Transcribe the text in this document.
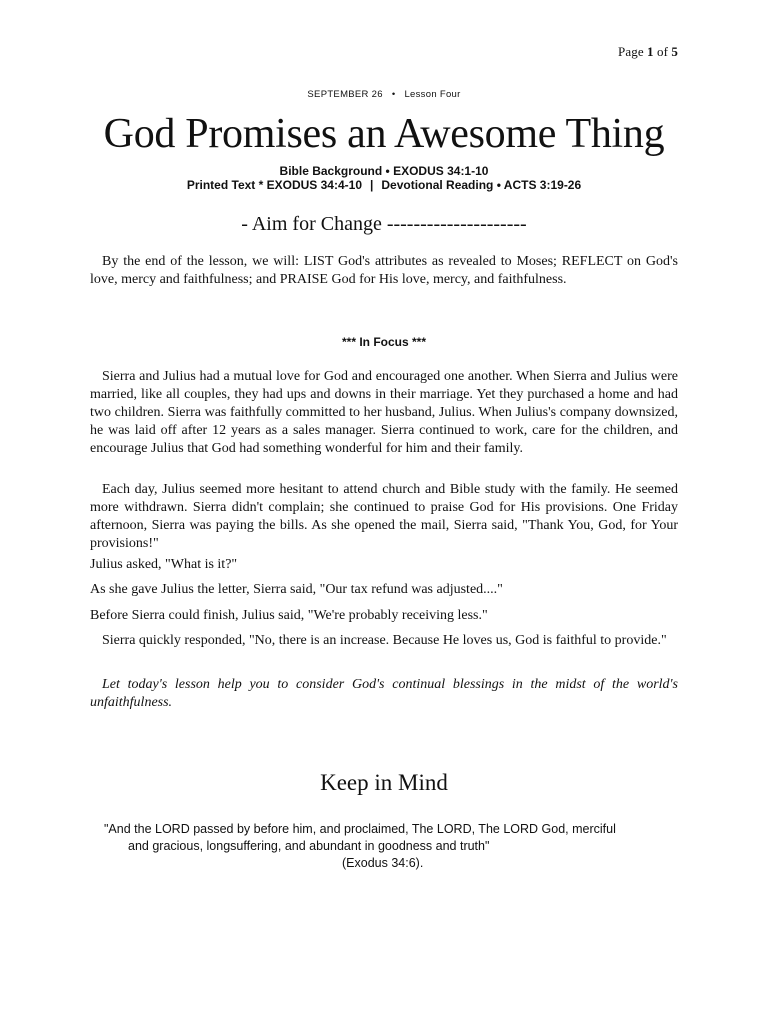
Page 1 of 5
SEPTEMBER 26 • Lesson Four
God Promises an Awesome Thing
Bible Background • EXODUS 34:1-10
Printed Text * EXODUS 34:4-10 | Devotional Reading • ACTS 3:19-26
- Aim for Change ---------------------

By the end of the lesson, we will: LIST God's attributes as revealed to Moses; REFLECT on God's love, mercy and faithfulness; and PRAISE God for His love, mercy, and faithfulness.

*** In Focus ***

Sierra and Julius had a mutual love for God and encouraged one another. When Sierra and Julius were married, like all couples, they had ups and downs in their marriage. Yet they purchased a home and had two children. Sierra was faithfully committed to her husband, Julius. When Julius's company downsized, he was laid off after 12 years as a sales manager. Sierra continued to work, care for the children, and encourage Julius that God had something wonderful for him and their family.

Each day, Julius seemed more hesitant to attend church and Bible study with the family. He seemed more withdrawn. Sierra didn't complain; she continued to praise God for His provisions. One Friday afternoon, Sierra was paying the bills. As she opened the mail, Sierra said, "Thank You, God, for Your provisions!"

Julius asked, "What is it?"

As she gave Julius the letter, Sierra said, "Our tax refund was adjusted...."

Before Sierra could finish, Julius said, "We're probably receiving less."

Sierra quickly responded, "No, there is an increase. Because He loves us, God is faithful to provide."

Let today's lesson help you to consider God's continual blessings in the midst of the world's unfaithfulness.

Keep in Mind
"And the LORD passed by before him, and proclaimed, The LORD, The LORD God, merciful
and gracious, longsuffering, and abundant in goodness and truth"
(Exodus 34:6).
